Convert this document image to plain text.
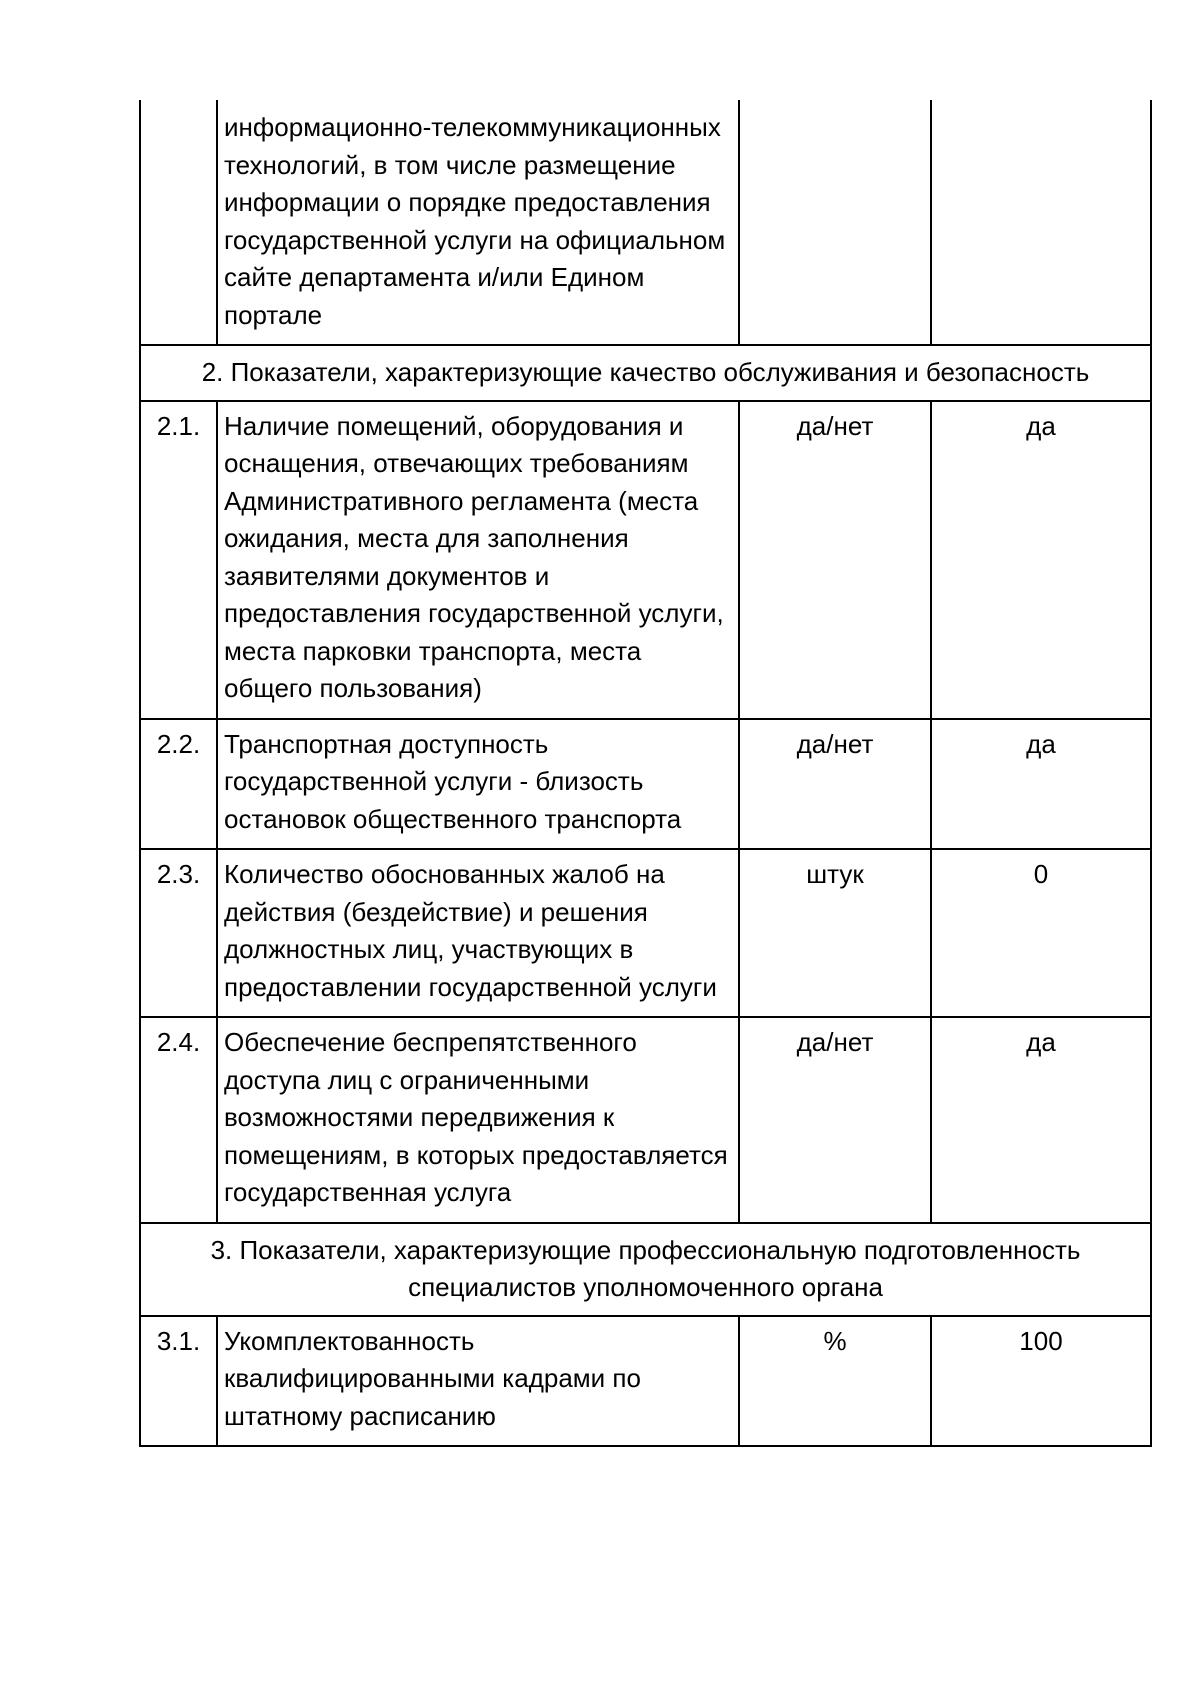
	информационно-телекоммуникационных технологий, в том числе размещение информации о порядке предоставления государственной услуги на официальном сайте департамента и/или Едином портале		
2. Показатели, характеризующие качество обслуживания и безопасность			
2.1.	Наличие помещений, оборудования и оснащения, отвечающих требованиям Административного регламента (места ожидания, места для заполнения заявителями документов и предоставления государственной услуги, места парковки транспорта, места общего пользования)	да/нет	да
2.2.	Транспортная доступность государственной услуги - близость остановок общественного транспорта	да/нет	да
2.3.	Количество обоснованных жалоб на действия (бездействие) и решения должностных лиц, участвующих в предоставлении государственной услуги	штук	0
2.4.	Обеспечение беспрепятственного доступа лиц с ограниченными возможностями передвижения к помещениям, в которых предоставляется государственная услуга	да/нет	да
3. Показатели, характеризующие профессиональную подготовленность специалистов уполномоченного органа			
3.1.	Укомплектованность квалифицированными кадрами по штатному расписанию	%	100
